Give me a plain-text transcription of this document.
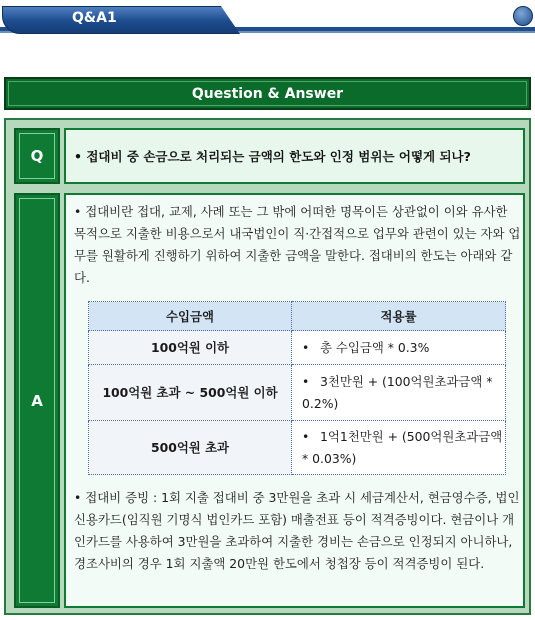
Q&A1
Question & Answer
Q • 접대비 중 손금으로 처리되는 금액의 한도와 인정 범위는 어떻게 되나?
A
• 접대비란 접대, 교제, 사례 또는 그 밖에 어떠한 명목이든 상관없이 이와 유사한 목적으로 지출한 비용으로서 내국법인이 직·간접적으로 업무와 관련이 있는 자와 업무를 원활하게 진행하기 위하여 지출한 금액을 말한다. 접대비의 한도는 아래와 같다.
수입금액	적용률
100억원 이하	• 총 수입금액 * 0.3%
100억원 초과 ~ 500억원 이하	• 3천만원 + (100억원초과금액 * 0.2%)
500억원 초과	• 1억1천만원 + (500억원초과금액 * 0.03%)
• 접대비 증빙 : 1회 지출 접대비 중 3만원을 초과 시 세금계산서, 현금영수증, 법인신용카드(임직원 기명식 법인카드 포함) 매출전표 등이 적격증빙이다. 현금이나 개인카드를 사용하여 3만원을 초과하여 지출한 경비는 손금으로 인정되지 아니하나, 경조사비의 경우 1회 지출액 20만원 한도에서 청첩장 등이 적격증빙이 된다.
